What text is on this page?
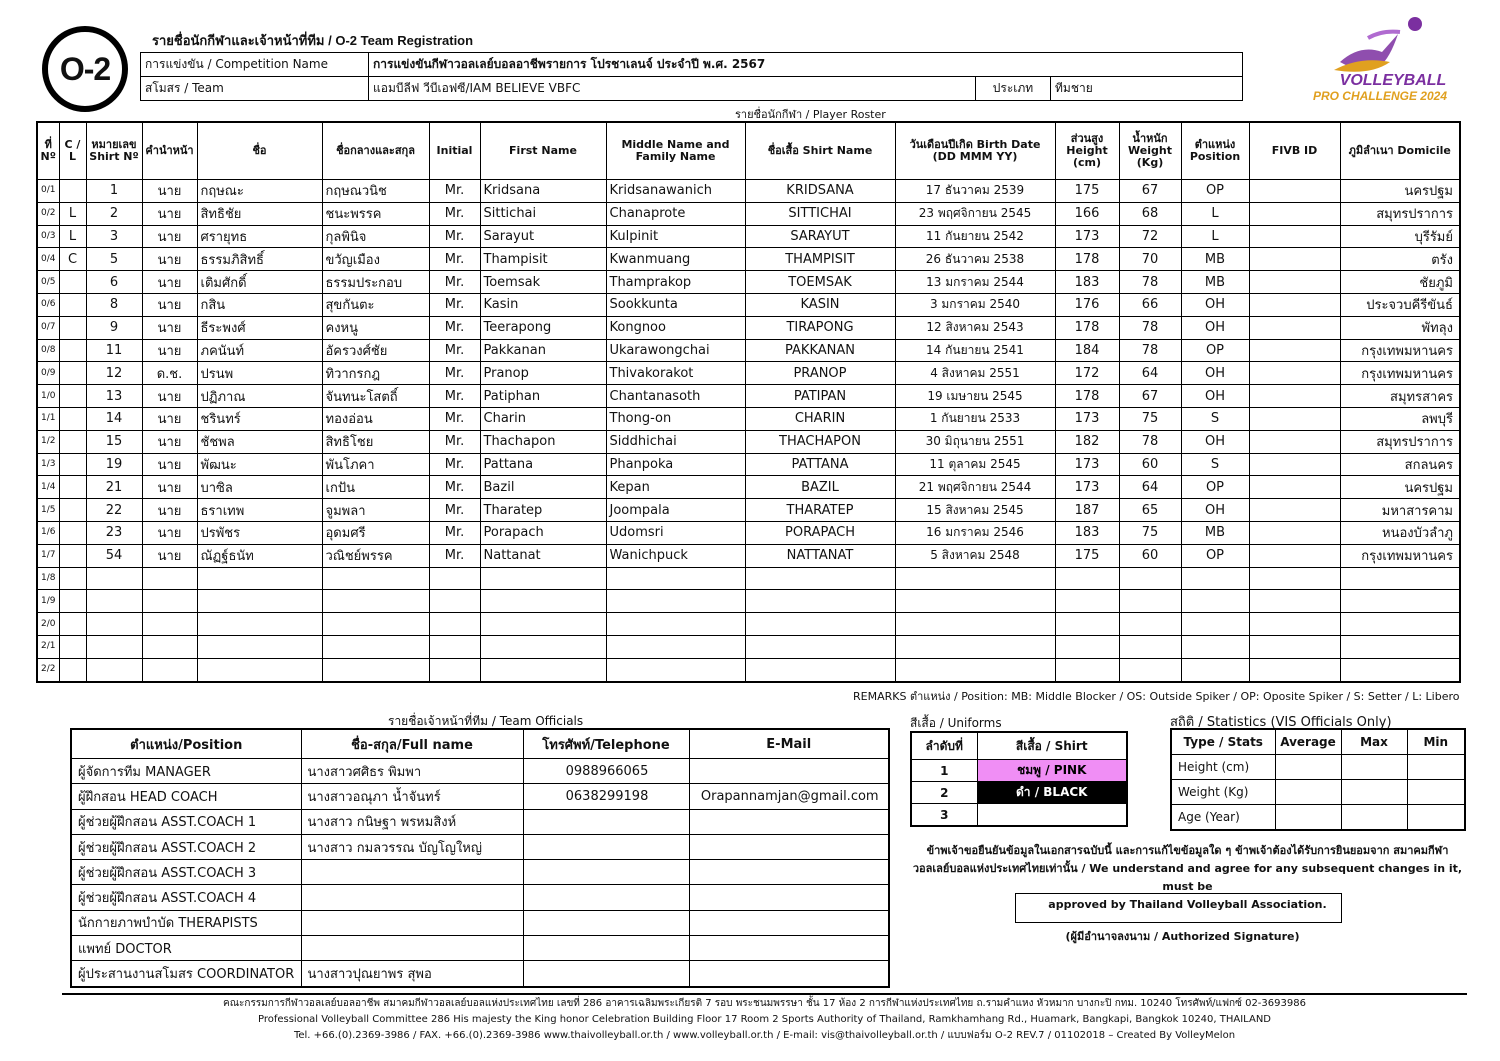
O-2
รายชื่อนักกีฬาและเจ้าหน้าที่ทีม / O-2 Team Registration
การแข่งขัน / Competition Name	การแข่งขันกีฬาวอลเลย์บอลอาชีพรายการ โปรชาเลนจ์ ประจำปี พ.ศ. 2567		
สโมสร / Team	แอมบีลีฟ วีบีเอฟซี/IAM BELIEVE VBFC	ประเภท	ทีมชาย	VOLLEYBALL
PRO CHALLENGE 2024
รายชื่อนักกีฬา / Player Roster
ที่ Nº	C / L	หมายเลข Shirt Nº	คำนำหน้า	ชื่อ	ชื่อกลางและสกุล	Initial	First Name	Middle Name and Family Name	ชื่อเสื้อ Shirt Name	วันเดือนปีเกิด Birth Date (DD MMM YY)	ส่วนสูง Height (cm)	น้ำหนัก Weight (Kg)	ตำแหน่ง Position	FIVB ID	ภูมิลำเนา Domicile
0/1		1	นาย	กฤษณะ	กฤษณวนิช	Mr.	Kridsana	Kridsanawanich	KRIDSANA	17 ธันวาคม 2539	175	67	OP		นครปฐม
0/2	L	2	นาย	สิทธิชัย	ชนะพรรค	Mr.	Sittichai	Chanaprote	SITTICHAI	23 พฤศจิกายน 2545	166	68	L		สมุทรปราการ
0/3	L	3	นาย	ศรายุทธ	กุลพินิจ	Mr.	Sarayut	Kulpinit	SARAYUT	11 กันยายน 2542	173	72	L		บุรีรัมย์
0/4	C	5	นาย	ธรรมภิสิทธิ์	ขวัญเมือง	Mr.	Thampisit	Kwanmuang	THAMPISIT	26 ธันวาคม 2538	178	70	MB		ตรัง
0/5		6	นาย	เติมศักดิ์	ธรรมประกอบ	Mr.	Toemsak	Thamprakop	TOEMSAK	13 มกราคม 2544	183	78	MB		ชัยภูมิ
0/6		8	นาย	กสิน	สุขกันตะ	Mr.	Kasin	Sookkunta	KASIN	3 มกราคม 2540	176	66	OH		ประจวบคีรีขันธ์
0/7		9	นาย	ธีระพงศ์	คงหนู	Mr.	Teerapong	Kongnoo	TIRAPONG	12 สิงหาคม 2543	178	78	OH		พัทลุง
0/8		11	นาย	ภคนันท์	อัครวงศ์ชัย	Mr.	Pakkanan	Ukarawongchai	PAKKANAN	14 กันยายน 2541	184	78	OP		กรุงเทพมหานคร
0/9		12	ด.ช.	ปรนพ	ทิวากรกฎ	Mr.	Pranop	Thivakorakot	PRANOP	4 สิงหาคม 2551	172	64	OH		กรุงเทพมหานคร
1/0		13	นาย	ปฏิภาณ	จันทนะโสตถิ์	Mr.	Patiphan	Chantanasoth	PATIPAN	19 เมษายน 2545	178	67	OH		สมุทรสาคร
1/1		14	นาย	ชรินทร์	ทองอ่อน	Mr.	Charin	Thong-on	CHARIN	1 กันยายน 2533	173	75	S		ลพบุรี
1/2		15	นาย	ชัชพล	สิทธิโชย	Mr.	Thachapon	Siddhichai	THACHAPON	30 มิถุนายน 2551	182	78	OH		สมุทรปราการ
1/3		19	นาย	พัฒนะ	พันโภคา	Mr.	Pattana	Phanpoka	PATTANA	11 ตุลาคม 2545	173	60	S		สกลนคร
1/4		21	นาย	บาซิล	เกปัน	Mr.	Bazil	Kepan	BAZIL	21 พฤศจิกายน 2544	173	64	OP		นครปฐม
1/5		22	นาย	ธราเทพ	จูมพลา	Mr.	Tharatep	Joompala	THARATEP	15 สิงหาคม 2545	187	65	OH		มหาสารคาม
1/6		23	นาย	ปรพัชร	อุดมศรี	Mr.	Porapach	Udomsri	PORAPACH	16 มกราคม 2546	183	75	MB		หนองบัวลำภู
1/7		54	นาย	ณัฏฐ์ธนัท	วณิชย์พรรค	Mr.	Nattanat	Wanichpuck	NATTANAT	5 สิงหาคม 2548	175	60	OP		กรุงเทพมหานคร
1/8															
1/9															
2/0															
2/1															
2/2															
REMARKS ตำแหน่ง / Position: MB: Middle Blocker / OS: Outside Spiker / OP: Oposite Spiker / S: Setter / L: Libero
รายชื่อเจ้าหน้าที่ทีม / Team Officials
ตำแหน่ง/Position	ชื่อ-สกุล/Full name	โทรศัพท์/Telephone	E-Mail
ผู้จัดการทีม MANAGER	นางสาวศศิธร พิมพา	0988966065	
ผู้ฝึกสอน HEAD COACH	นางสาวอณุภา น้ำจันทร์	0638299198	Orapannamjan@gmail.com
ผู้ช่วยผู้ฝึกสอน ASST.COACH 1	นางสาว กนิษฐา พรหมสิงห์		
ผู้ช่วยผู้ฝึกสอน ASST.COACH 2	นางสาว กมลวรรณ บัญโญใหญ่		
ผู้ช่วยผู้ฝึกสอน ASST.COACH 3			
ผู้ช่วยผู้ฝึกสอน ASST.COACH 4			
นักกายภาพบำบัด THERAPISTS			
แพทย์ DOCTOR			
ผู้ประสานงานสโมสร COORDINATOR	นางสาวปุณยาพร สุพอ		
สีเสื้อ / Uniforms
ลำดับที่	สีเสื้อ / Shirt
1	ชมพู / PINK
2	ดำ / BLACK
3	
สถิติ / Statistics (VIS Officials Only)
Type / Stats	Average	Max	Min
Height (cm)			
Weight (Kg)			
Age (Year)			
ข้าพเจ้าขอยืนยันข้อมูลในเอกสารฉบับนี้ และการแก้ไขข้อมูลใด ๆ ข้าพเจ้าต้องได้รับการยินยอมจาก สมาคมกีฬา
วอลเลย์บอลแห่งประเทศไทยเท่านั้น / We understand and agree for any subsequent changes in it, must be
approved by Thailand Volleyball Association.
(ผู้มีอำนาจลงนาม / Authorized Signature)
คณะกรรมการกีฬาวอลเลย์บอลอาชีพ สมาคมกีฬาวอลเลย์บอลแห่งประเทศไทย เลขที่ 286 อาคารเฉลิมพระเกียรติ 7 รอบ พระชนมพรรษา ชั้น 17 ห้อง 2 การกีฬาแห่งประเทศไทย ถ.รามคำแหง หัวหมาก บางกะปิ กทม. 10240 โทรศัพท์/แฟกซ์ 02-3693986
Professional Volleyball Committee 286 His majesty the King honor Celebration Building Floor 17 Room 2 Sports Authority of Thailand, Ramkhamhang Rd., Huamark, Bangkapi, Bangkok 10240, THAILAND
Tel. +66.(0).2369-3986 / FAX. +66.(0).2369-3986 www.thaivolleyball.or.th / www.volleyball.or.th / E-mail: vis@thaivolleyball.or.th / แบบฟอร์ม O-2 REV.7 / 01102018 – Created By VolleyMelon
